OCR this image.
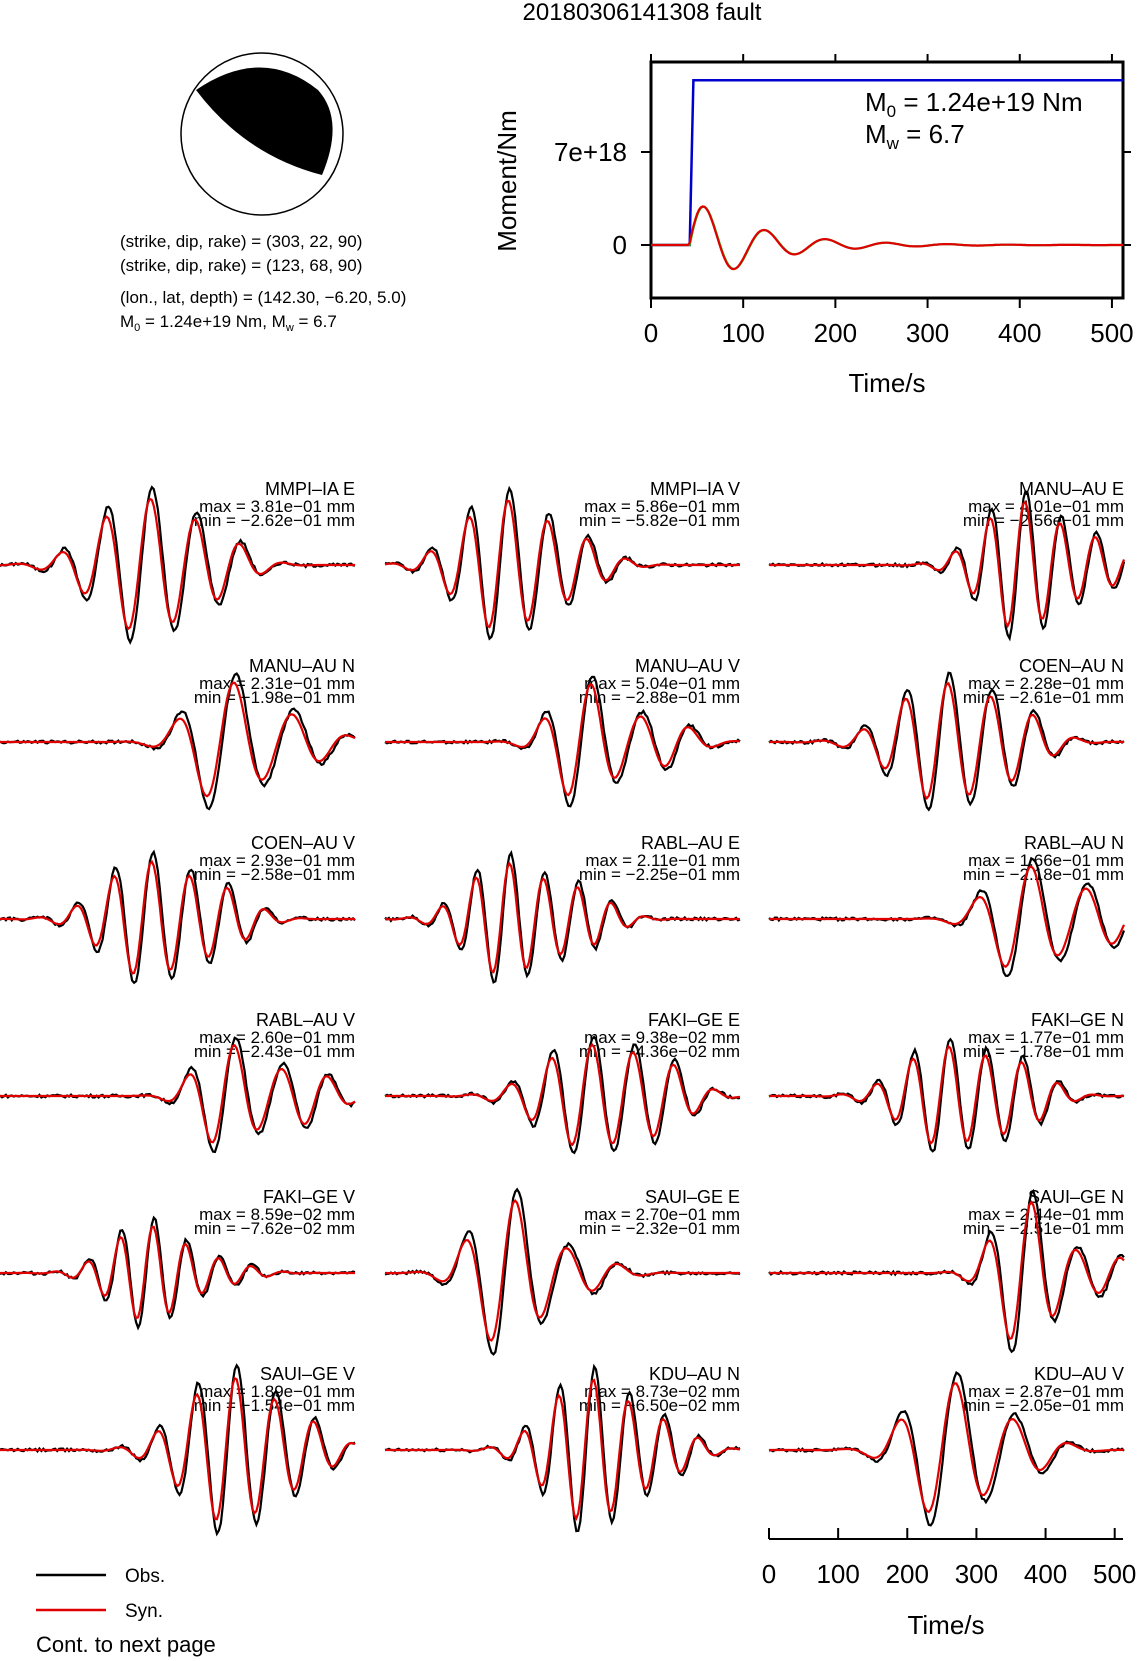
20180306141308 fault
(strike, dip, rake) = (303, 22, 90)
(strike, dip, rake) = (123, 68, 90)
(lon., lat, depth) = (142.30, −6.20, 5.0)
$M_0 = 1.24e+19$ Nm, $M_w = 6.7$	0 100 200 300 400 500
0
7e+18
$M_0 = 1.24e+19$ Nm
$M_w = 6.7$
Moment/Nm
Time/s
MMPI–IA E
max = 3.81e−01 mm
min = −2.62e−01 mm
MMPI–IA V
max = 5.86e−01 mm
min = −5.82e−01 mm
MANU–AU E
max = 4.01e−01 mm
min = −2.56e−01 mm
MANU–AU N
max = 2.31e−01 mm
min = −1.98e−01 mm
MANU–AU V
max = 5.04e−01 mm
min = −2.88e−01 mm
COEN–AU N
max = 2.28e−01 mm
min = −2.61e−01 mm
COEN–AU V
max = 2.93e−01 mm
min = −2.58e−01 mm
RABL–AU E
max = 2.11e−01 mm
min = −2.25e−01 mm
RABL–AU N
max = 1.66e−01 mm
min = −2.18e−01 mm
RABL–AU V
max = 2.60e−01 mm
min = −2.43e−01 mm
FAKI–GE E
max = 9.38e−02 mm
min = −4.36e−02 mm
FAKI–GE N
max = 1.77e−01 mm
min = −1.78e−01 mm
FAKI–GE V
max = 8.59e−02 mm
min = −7.62e−02 mm
SAUI–GE E
max = 2.70e−01 mm
min = −2.32e−01 mm
SAUI–GE N
max = 2.44e−01 mm
min = −2.51e−01 mm
SAUI–GE V
max = 1.89e−01 mm
min = −1.54e−01 mm
KDU–AU N
max = 8.73e−02 mm
min = −6.50e−02 mm
KDU–AU V
max = 2.87e−01 mm
min = −2.05e−01 mm
0 100 200 300 400 500
Time/s
Obs.
Syn.
Cont. to next page
